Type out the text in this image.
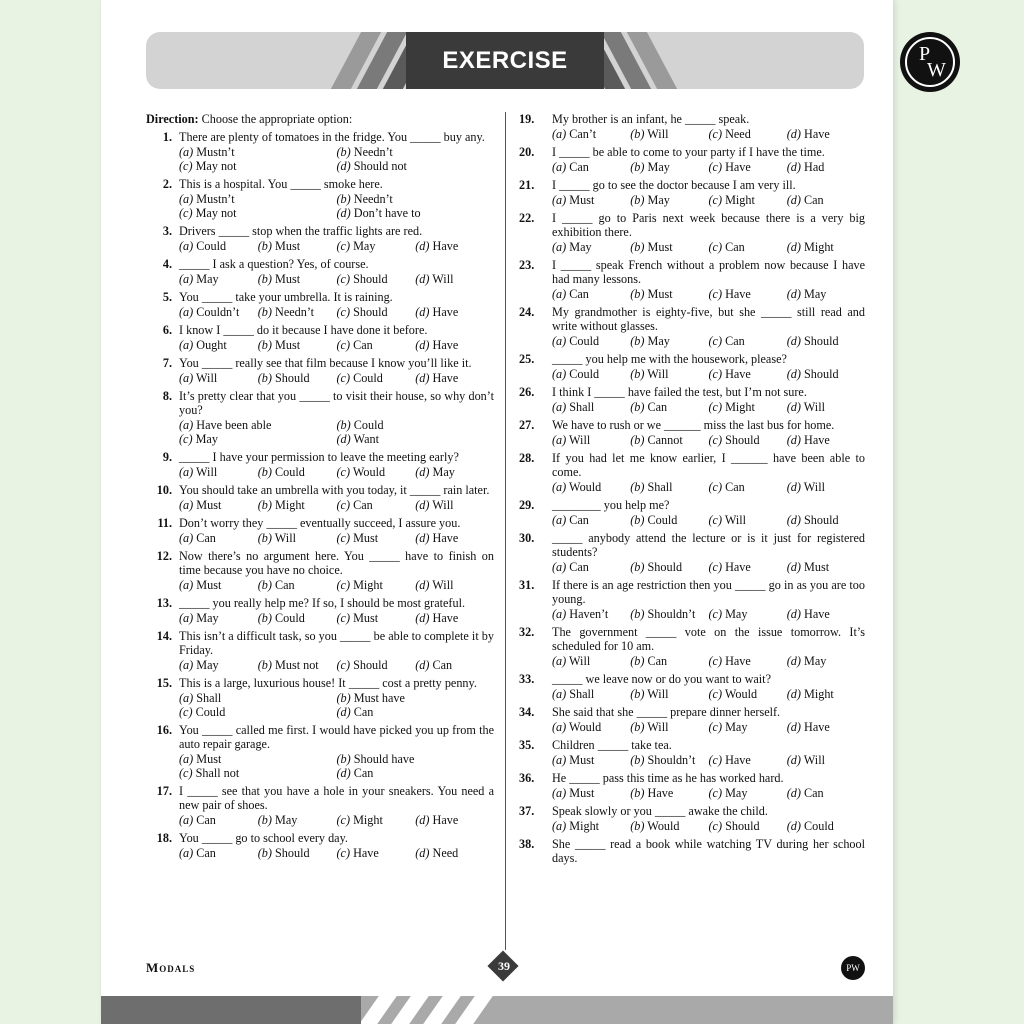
EXERCISE	P
W
Direction: Choose the appropriate option:
1. There are plenty of tomatoes in the fridge. You _____ buy any.
(a) Mustn’t	(b) Needn’t
(c) May not	(d) Should not
2. This is a hospital. You _____ smoke here.
(a) Mustn’t	(b) Needn’t
(c) May not	(d) Don’t have to
3. Drivers _____ stop when the traffic lights are red.
(a) Could	(b) Must	(c) May	(d) Have
4. _____ I ask a question? Yes, of course.
(a) May	(b) Must	(c) Should	(d) Will
5. You _____ take your umbrella. It is raining.
(a) Couldn’t	(b) Needn’t	(c) Should	(d) Have
6. I know I _____ do it because I have done it before.
(a) Ought	(b) Must	(c) Can	(d) Have
7. You _____ really see that film because I know you’ll like it.
(a) Will	(b) Should	(c) Could	(d) Have
8. It’s pretty clear that you _____ to visit their house, so why don’t you?
(a) Have been able	(b) Could
(c) May	(d) Want
9. _____ I have your permission to leave the meeting early?
(a) Will	(b) Could	(c) Would	(d) May
10. You should take an umbrella with you today, it _____ rain later.
(a) Must	(b) Might	(c) Can	(d) Will
11. Don’t worry they _____ eventually succeed, I assure you.
(a) Can	(b) Will	(c) Must	(d) Have
12. Now there’s no argument here. You _____ have to finish on time because you have no choice.
(a) Must	(b) Can	(c) Might	(d) Will
13. _____ you really help me? If so, I should be most grateful.
(a) May	(b) Could	(c) Must	(d) Have
14. This isn’t a difficult task, so you _____ be able to complete it by Friday.
(a) May	(b) Must not	(c) Should	(d) Can
15. This is a large, luxurious house! It _____ cost a pretty penny.
(a) Shall	(b) Must have
(c) Could	(d) Can
16. You _____ called me first. I would have picked you up from the auto repair garage.
(a) Must	(b) Should have
(c) Shall not	(d) Can
17. I _____ see that you have a hole in your sneakers. You need a new pair of shoes.
(a) Can	(b) May	(c) Might	(d) Have
18. You _____ go to school every day.
(a) Can	(b) Should	(c) Have	(d) Need
19.	My brother is an infant, he _____ speak.
(a) Can’t	(b) Will	(c) Need	(d) Have
20.	I _____ be able to come to your party if I have the time.
(a) Can	(b) May	(c) Have	(d) Had
21.	I _____ go to see the doctor because I am very ill.
(a) Must	(b) May	(c) Might	(d) Can
22.	I _____ go to Paris next week because there is a very big exhibition there.
(a) May	(b) Must	(c) Can	(d) Might
23.	I _____ speak French without a problem now because I have had many lessons.
(a) Can	(b) Must	(c) Have	(d) May
24.	My grandmother is eighty-five, but she _____ still read and write without glasses.
(a) Could	(b) May	(c) Can	(d) Should
25.	_____ you help me with the housework, please?
(a) Could	(b) Will	(c) Have	(d) Should
26.	I think I _____ have failed the test, but I’m not sure.
(a) Shall	(b) Can	(c) Might	(d) Will
27.	We have to rush or we ______ miss the last bus for home.
(a) Will	(b) Cannot	(c) Should	(d) Have
28.	If you had let me know earlier, I ______ have been able to come.
(a) Would	(b) Shall	(c) Can	(d) Will
29.	________ you help me?
(a) Can	(b) Could	(c) Will	(d) Should
30.	_____ anybody attend the lecture or is it just for registered students?
(a) Can	(b) Should	(c) Have	(d) Must
31.	If there is an age restriction then you _____ go in as you are too young.
(a) Haven’t	(b) Shouldn’t	(c) May	(d) Have
32.	The government _____ vote on the issue tomorrow. It’s scheduled for 10 am.
(a) Will	(b) Can	(c) Have	(d) May
33.	_____ we leave now or do you want to wait?
(a) Shall	(b) Will	(c) Would	(d) Might
34.	She said that she _____ prepare dinner herself.
(a) Would	(b) Will	(c) May	(d) Have
35.	Children _____ take tea.
(a) Must	(b) Shouldn’t	(c) Have	(d) Will
36.	He _____ pass this time as he has worked hard.
(a) Must	(b) Have	(c) May	(d) Can
37.	Speak slowly or you _____ awake the child.
(a) Might	(b) Would	(c) Should	(d) Could
38.	She _____ read a book while watching TV during her school days.
Modals	39	PW
